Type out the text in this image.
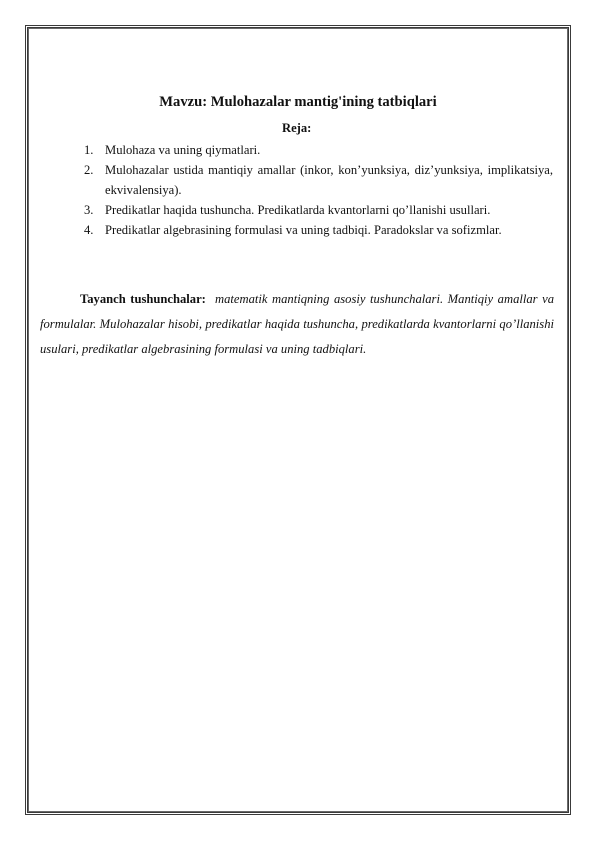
Mavzu: Mulohazalar mantig'ining tatbiqlari

Reja:

1. Mulohaza va uning qiymatlari.
2. Mulohazalar ustida mantiqiy amallar (inkor, kon’yunksiya, diz’yunksiya, implikatsiya, ekvivalensiya).
3. Predikatlar haqida tushuncha. Predikatlarda kvantorlarni qo’llanishi usullari.
4. Predikatlar algebrasining formulasi va uning tadbiqi. Paradokslar va sofizmlar.

Tayanch tushunchalar: matematik mantiqning asosiy tushunchalari. Mantiqiy amallar va formulalar. Mulohazalar hisobi, predikatlar haqida tushuncha, predikatlarda kvantorlarni qo’llanishi usulari, predikatlar algebrasining formulasi va uning tadbiqlari.
